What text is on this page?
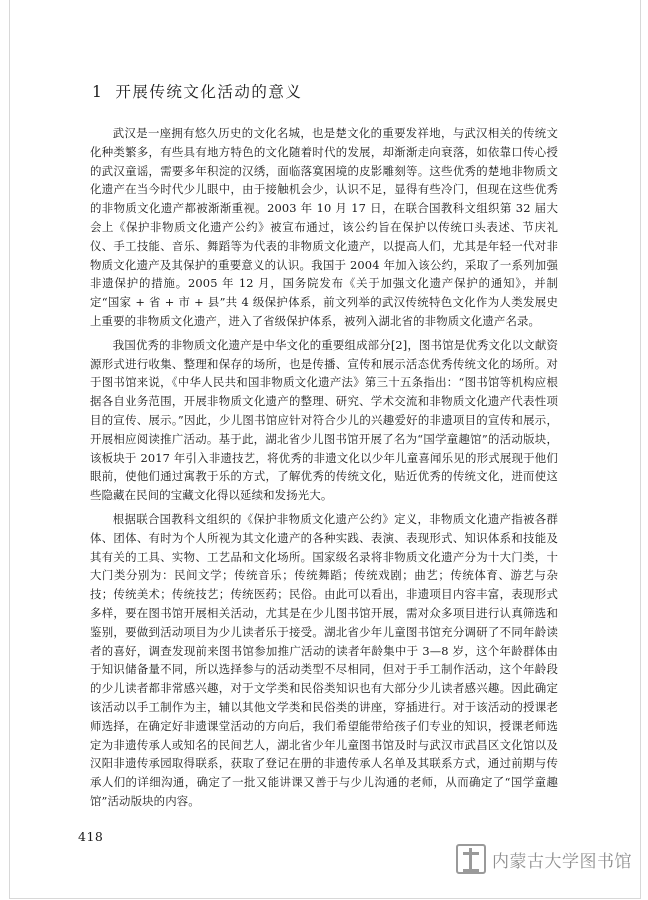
1 开展传统文化活动的意义

武汉是一座拥有悠久历史的文化名城，也是楚文化的重要发祥地，与武汉相关的传统文化种类繁多，有些具有地方特色的文化随着时代的发展，却渐渐走向衰落，如依靠口传心授的武汉童谣，需要多年积淀的汉绣，面临落寞困境的皮影雕刻等。这些优秀的楚地非物质文化遗产在当今时代少儿眼中，由于接触机会少，认识不足，显得有些冷门，但现在这些优秀的非物质文化遗产都被渐渐重视。2003 年 10 月 17 日，在联合国教科文组织第 32 届大会上《保护非物质文化遗产公约》被宣布通过，该公约旨在保护以传统口头表述、节庆礼仪、手工技能、音乐、舞蹈等为代表的非物质文化遗产，以提高人们，尤其是年轻一代对非物质文化遗产及其保护的重要意义的认识。我国于 2004 年加入该公约，采取了一系列加强非遗保护的措施。2005 年 12 月，国务院发布《关于加强文化遗产保护的通知》，并制定“国家 + 省 + 市 + 县”共 4 级保护体系，前文列举的武汉传统特色文化作为人类发展史上重要的非物质文化遗产，进入了省级保护体系，被列入湖北省的非物质文化遗产名录。

我国优秀的非物质文化遗产是中华文化的重要组成部分[2]，图书馆是优秀文化以文献资源形式进行收集、整理和保存的场所，也是传播、宣传和展示活态优秀传统文化的场所。对于图书馆来说，《中华人民共和国非物质文化遗产法》第三十五条指出：“图书馆等机构应根据各自业务范围，开展非物质文化遗产的整理、研究、学术交流和非物质文化遗产代表性项目的宣传、展示。”因此，少儿图书馆应针对符合少儿的兴趣爱好的非遗项目的宣传和展示，开展相应阅读推广活动。基于此，湖北省少儿图书馆开展了名为“国学童趣馆”的活动版块，该板块于 2017 年引入非遗技艺，将优秀的非遗文化以少年儿童喜闻乐见的形式展现于他们眼前，使他们通过寓教于乐的方式，了解优秀的传统文化，贴近优秀的传统文化，进而使这些隐藏在民间的宝藏文化得以延续和发扬光大。

根据联合国教科文组织的《保护非物质文化遗产公约》定义，非物质文化遗产指被各群体、团体、有时为个人所视为其文化遗产的各种实践、表演、表现形式、知识体系和技能及其有关的工具、实物、工艺品和文化场所。国家级名录将非物质文化遗产分为十大门类，十大门类分别为：民间文学；传统音乐；传统舞蹈；传统戏剧；曲艺；传统体育、游艺与杂技；传统美术；传统技艺；传统医药；民俗。由此可以看出，非遗项目内容丰富，表现形式多样，要在图书馆开展相关活动，尤其是在少儿图书馆开展，需对众多项目进行认真筛选和鉴别，要做到活动项目为少儿读者乐于接受。湖北省少年儿童图书馆充分调研了不同年龄读者的喜好，调查发现前来图书馆参加推广活动的读者年龄集中于 3—8 岁，这个年龄群体由于知识储备量不同，所以选择参与的活动类型不尽相同，但对于手工制作活动，这个年龄段的少儿读者都非常感兴趣，对于文学类和民俗类知识也有大部分少儿读者感兴趣。因此确定该活动以手工制作为主，辅以其他文学类和民俗类的讲座，穿插进行。对于该活动的授课老师选择，在确定好非遗课堂活动的方向后，我们希望能带给孩子们专业的知识，授课老师选定为非遗传承人或知名的民间艺人，湖北省少年儿童图书馆及时与武汉市武昌区文化馆以及汉阳非遗传承园取得联系，获取了登记在册的非遗传承人名单及其联系方式，通过前期与传承人们的详细沟通，确定了一批又能讲课又善于与少儿沟通的老师，从而确定了“国学童趣馆”活动版块的内容。

418
内蒙古大学图书馆
